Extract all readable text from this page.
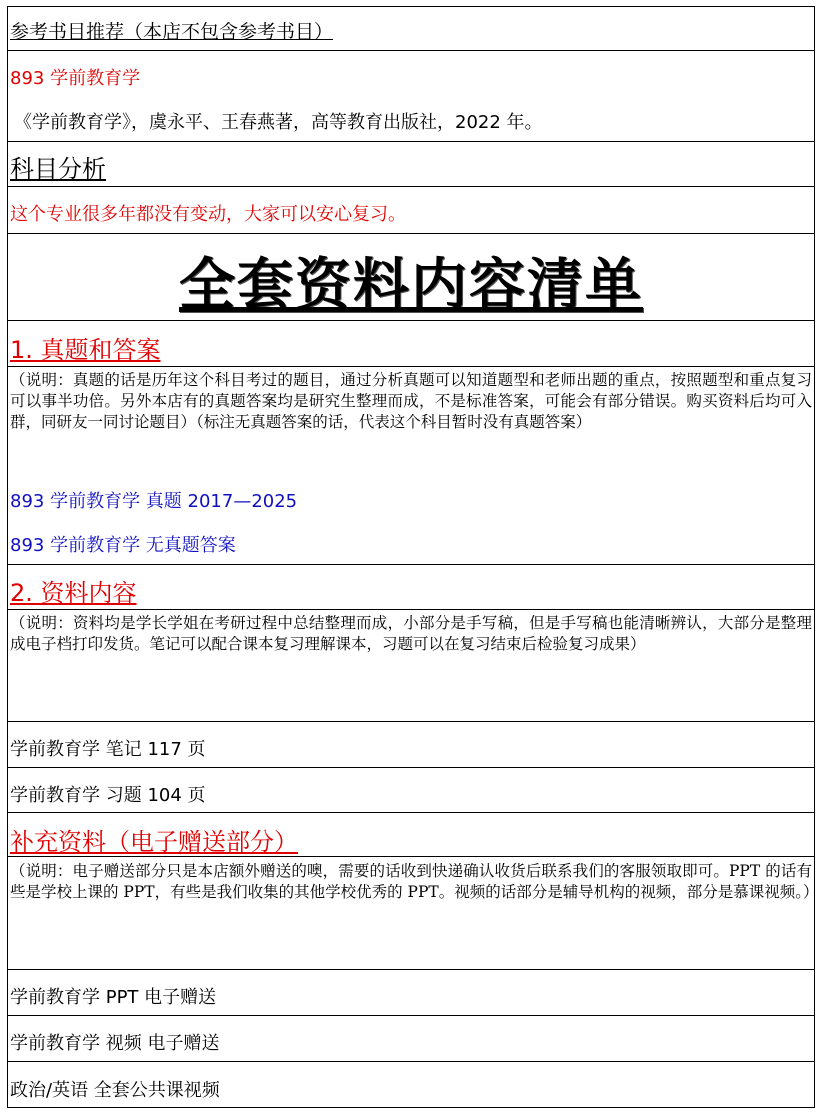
参考书目推荐（本店不包含参考书目）
893 学前教育学
《学前教育学》，虞永平、王春燕著，高等教育出版社，2022 年。
科目分析
这个专业很多年都没有变动，大家可以安心复习。
全套资料内容清单
1. 真题和答案
（说明：真题的话是历年这个科目考过的题目，通过分析真题可以知道题型和老师出题的重点，按照题型和重点复习可以事半功倍。另外本店有的真题答案均是研究生整理而成，不是标准答案，可能会有部分错误。购买资料后均可入群，同研友一同讨论题目）（标注无真题答案的话，代表这个科目暂时没有真题答案）
893 学前教育学 真题 2017—2025
893 学前教育学 无真题答案
2. 资料内容
（说明：资料均是学长学姐在考研过程中总结整理而成，小部分是手写稿，但是手写稿也能清晰辨认，大部分是整理成电子档打印发货。笔记可以配合课本复习理解课本，习题可以在复习结束后检验复习成果）
学前教育学 笔记 117 页
学前教育学 习题 104 页
补充资料（电子赠送部分）
（说明：电子赠送部分只是本店额外赠送的噢，需要的话收到快递确认收货后联系我们的客服领取即可。PPT 的话有些是学校上课的 PPT，有些是我们收集的其他学校优秀的 PPT。视频的话部分是辅导机构的视频，部分是慕课视频。）
学前教育学 PPT 电子赠送
学前教育学 视频 电子赠送
政治/英语 全套公共课视频
